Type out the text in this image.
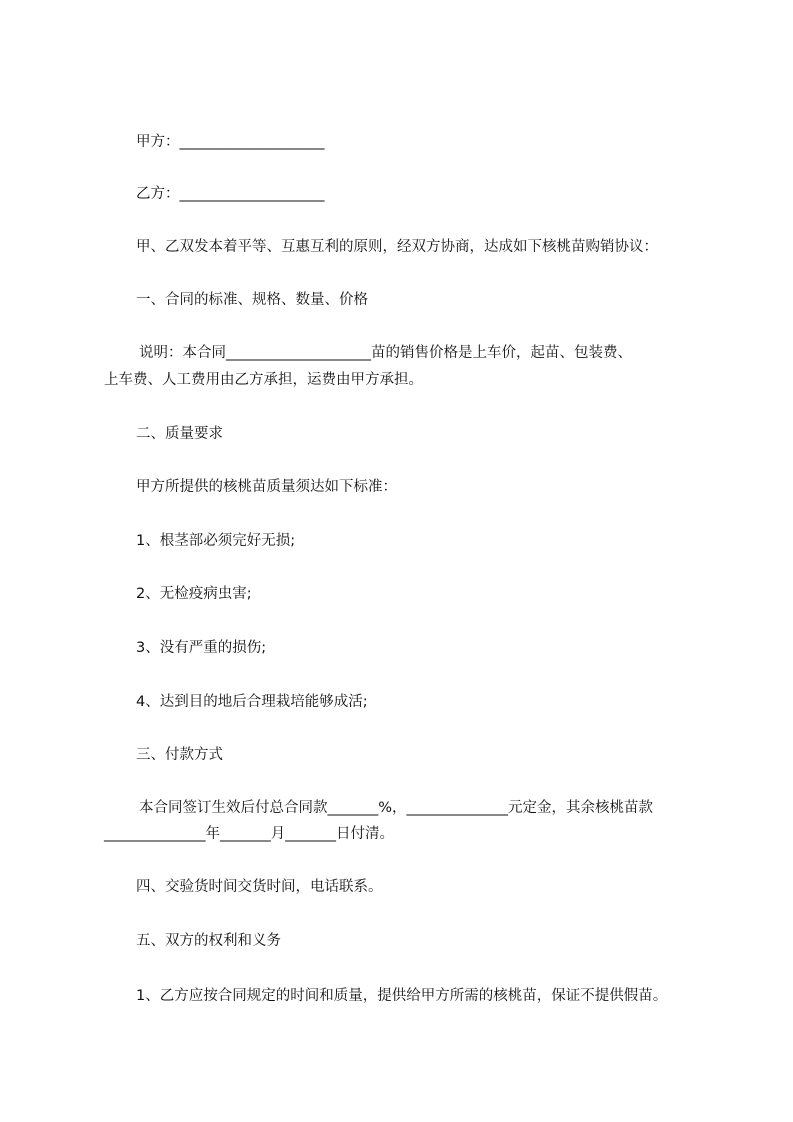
甲方：____________________
乙方：____________________
甲、乙双发本着平等、互惠互利的原则，经双方协商，达成如下核桃苗购销协议：
一、合同的标准、规格、数量、价格
说明：本合同____________________苗的销售价格是上车价，起苗、包装费、
上车费、人工费用由乙方承担，运费由甲方承担。
二、质量要求
甲方所提供的核桃苗质量须达如下标准：
1、根茎部必须完好无损;
2、无检疫病虫害;
3、没有严重的损伤;
4、达到目的地后合理栽培能够成活;
三、付款方式
本合同签订生效后付总合同款_______%，______________元定金，其余核桃苗款
______________年_______月_______日付清。
四、交验货时间交货时间，电话联系。
五、双方的权利和义务
1、乙方应按合同规定的时间和质量，提供给甲方所需的核桃苗，保证不提供假苗。
